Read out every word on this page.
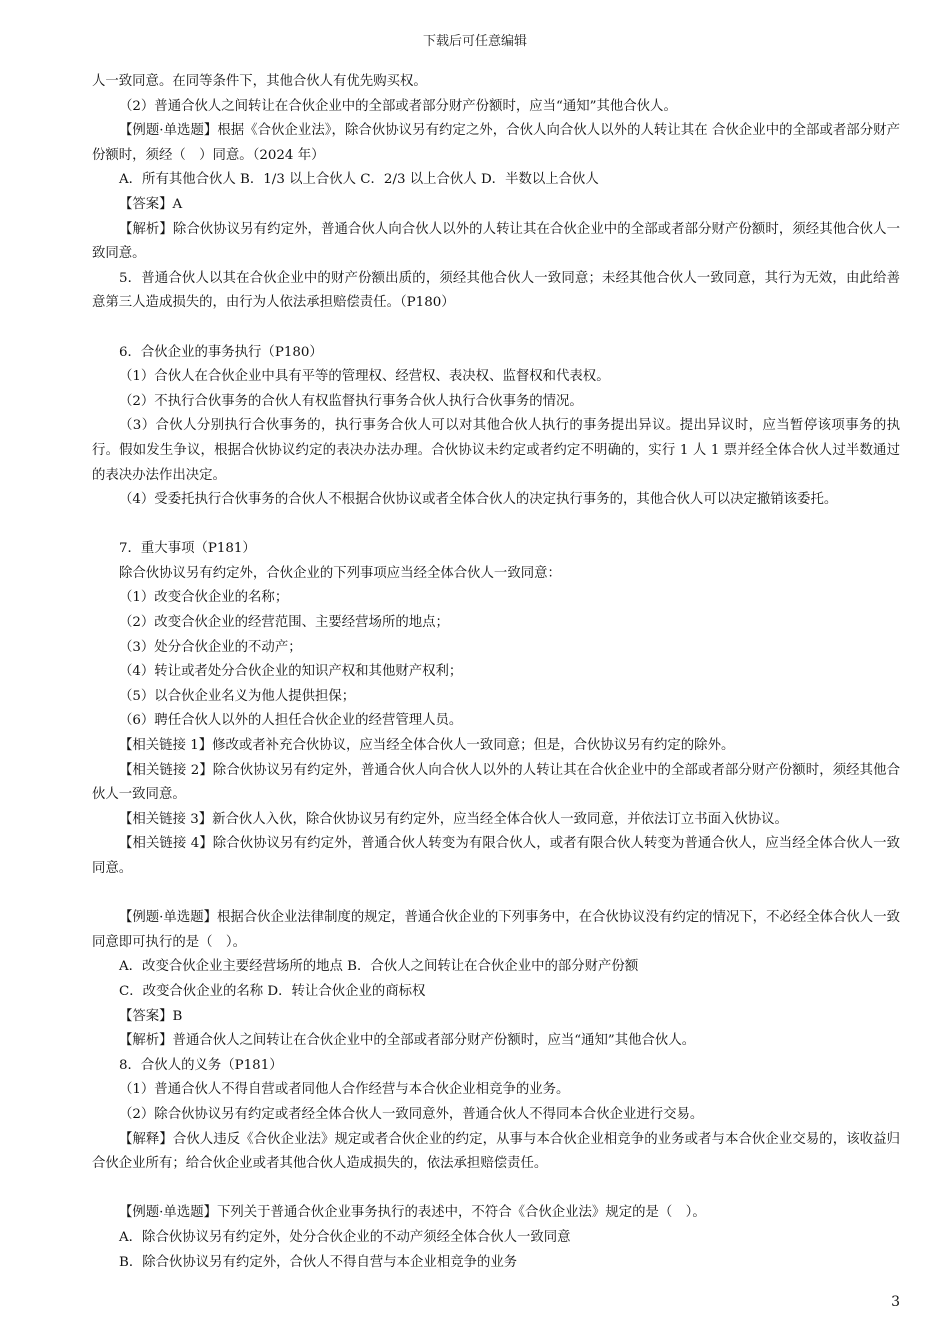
下载后可任意编辑

人一致同意。在同等条件下，其他合伙人有优先购买权。

（2）普通合伙人之间转让在合伙企业中的全部或者部分财产份额时，应当“通知”其他合伙人。

【例题·单选题】根据《合伙企业法》，除合伙协议另有约定之外，合伙人向合伙人以外的人转让其在 合伙企业中的全部或者部分财产份额时，须经（　）同意。（2024 年）

A．所有其他合伙人 B．1/3 以上合伙人 C．2/3 以上合伙人 D．半数以上合伙人

【答案】A

【解析】除合伙协议另有约定外，普通合伙人向合伙人以外的人转让其在合伙企业中的全部或者部分财产份额时，须经其他合伙人一致同意。

5．普通合伙人以其在合伙企业中的财产份额出质的，须经其他合伙人一致同意；未经其他合伙人一致同意，其行为无效，由此给善意第三人造成损失的，由行为人依法承担赔偿责任。（P180）

6．合伙企业的事务执行（P180）

（1）合伙人在合伙企业中具有平等的管理权、经营权、表决权、监督权和代表权。

（2）不执行合伙事务的合伙人有权监督执行事务合伙人执行合伙事务的情况。

（3）合伙人分别执行合伙事务的，执行事务合伙人可以对其他合伙人执行的事务提出异议。提出异议时，应当暂停该项事务的执行。假如发生争议，根据合伙协议约定的表决办法办理。合伙协议未约定或者约定不明确的，实行 1 人 1 票并经全体合伙人过半数通过的表决办法作出决定。

（4）受委托执行合伙事务的合伙人不根据合伙协议或者全体合伙人的决定执行事务的，其他合伙人可以决定撤销该委托。

7．重大事项（P181）

除合伙协议另有约定外，合伙企业的下列事项应当经全体合伙人一致同意：

（1）改变合伙企业的名称；

（2）改变合伙企业的经营范围、主要经营场所的地点；

（3）处分合伙企业的不动产；

（4）转让或者处分合伙企业的知识产权和其他财产权利；

（5）以合伙企业名义为他人提供担保；

（6）聘任合伙人以外的人担任合伙企业的经营管理人员。

【相关链接 1】修改或者补充合伙协议，应当经全体合伙人一致同意；但是，合伙协议另有约定的除外。

【相关链接 2】除合伙协议另有约定外，普通合伙人向合伙人以外的人转让其在合伙企业中的全部或者部分财产份额时，须经其他合伙人一致同意。

【相关链接 3】新合伙人入伙，除合伙协议另有约定外，应当经全体合伙人一致同意，并依法订立书面入伙协议。

【相关链接 4】除合伙协议另有约定外，普通合伙人转变为有限合伙人，或者有限合伙人转变为普通合伙人，应当经全体合伙人一致同意。

【例题·单选题】根据合伙企业法律制度的规定，普通合伙企业的下列事务中，在合伙协议没有约定的情况下，不必经全体合伙人一致同意即可执行的是（　）。

A．改变合伙企业主要经营场所的地点 B．合伙人之间转让在合伙企业中的部分财产份额

C．改变合伙企业的名称 D．转让合伙企业的商标权

【答案】B

【解析】普通合伙人之间转让在合伙企业中的全部或者部分财产份额时，应当“通知”其他合伙人。

8．合伙人的义务（P181）

（1）普通合伙人不得自营或者同他人合作经营与本合伙企业相竞争的业务。

（2）除合伙协议另有约定或者经全体合伙人一致同意外，普通合伙人不得同本合伙企业进行交易。

【解释】合伙人违反《合伙企业法》规定或者合伙企业的约定，从事与本合伙企业相竞争的业务或者与本合伙企业交易的，该收益归合伙企业所有；给合伙企业或者其他合伙人造成损失的，依法承担赔偿责任。

【例题·单选题】下列关于普通合伙企业事务执行的表述中，不符合《合伙企业法》规定的是（　）。

A．除合伙协议另有约定外，处分合伙企业的不动产须经全体合伙人一致同意

B．除合伙协议另有约定外，合伙人不得自营与本企业相竞争的业务

3
